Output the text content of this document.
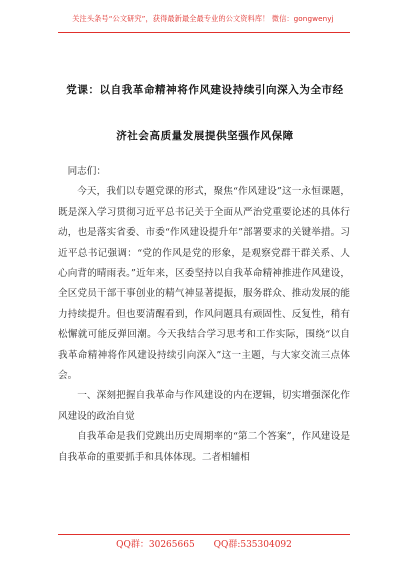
关注头条号“公文研究”，获得最新最全最专业的公文资料库！ 微信：gongwenyj
党课：以自我革命精神将作风建设持续引向深入为全市经
济社会高质量发展提供坚强作风保障

同志们：

今天，我们以专题党课的形式，聚焦“作风建设”这一永恒课题，既是深入学习贯彻习近平总书记关于全面从严治党重要论述的具体行动，也是落实省委、市委“作风建设提升年”部署要求的关键举措。习近平总书记强调：“党的作风是党的形象，是观察党群干群关系、人心向背的晴雨表。”近年来，区委坚持以自我革命精神推进作风建设，全区党员干部干事创业的精气神显著提振，服务群众、推动发展的能力持续提升。但也要清醒看到，作风问题具有顽固性、反复性，稍有松懈就可能反弹回潮。今天我结合学习思考和工作实际，围绕“以自我革命精神将作风建设持续引向深入”这一主题，与大家交流三点体会。

一、深刻把握自我革命与作风建设的内在逻辑，切实增强深化作风建设的政治自觉

自我革命是我们党跳出历史周期率的“第二个答案”，作风建设是自我革命的重要抓手和具体体现。二者相辅相

QQ群：30265665 QQ群:535304092
